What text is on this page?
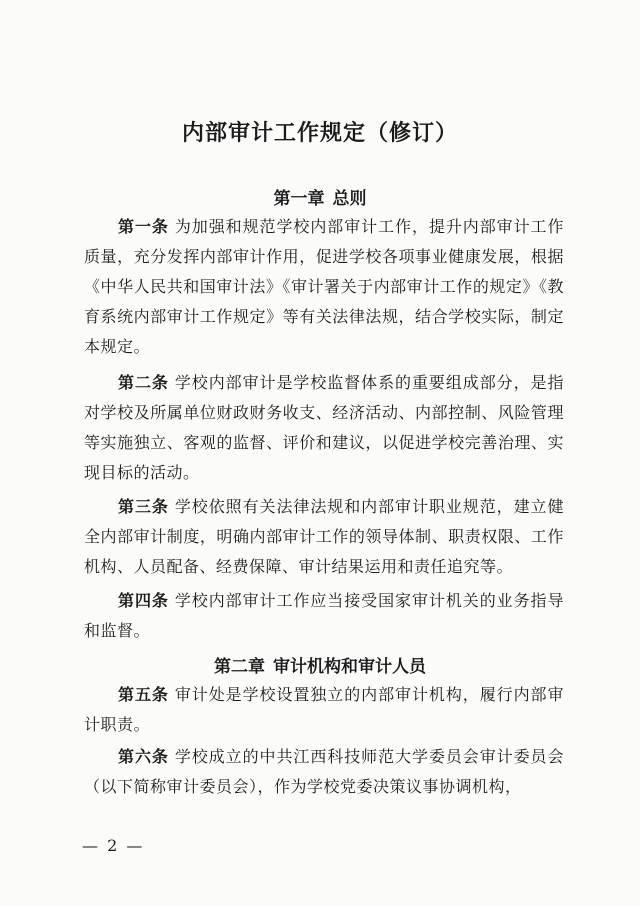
内部审计工作规定（修订）
第一章 总则
第一条 为加强和规范学校内部审计工作，提升内部审计工作质量，充分发挥内部审计作用，促进学校各项事业健康发展，根据《中华人民共和国审计法》《审计署关于内部审计工作的规定》《教育系统内部审计工作规定》等有关法律法规，结合学校实际，制定本规定。
第二条 学校内部审计是学校监督体系的重要组成部分，是指对学校及所属单位财政财务收支、经济活动、内部控制、风险管理等实施独立、客观的监督、评价和建议，以促进学校完善治理、实现目标的活动。
第三条 学校依照有关法律法规和内部审计职业规范，建立健全内部审计制度，明确内部审计工作的领导体制、职责权限、工作机构、人员配备、经费保障、审计结果运用和责任追究等。
第四条 学校内部审计工作应当接受国家审计机关的业务指导和监督。
第二章 审计机构和审计人员
第五条 审计处是学校设置独立的内部审计机构，履行内部审计职责。
第六条 学校成立的中共江西科技师范大学委员会审计委员会（以下简称审计委员会），作为学校党委决策议事协调机构，
— 2 —
